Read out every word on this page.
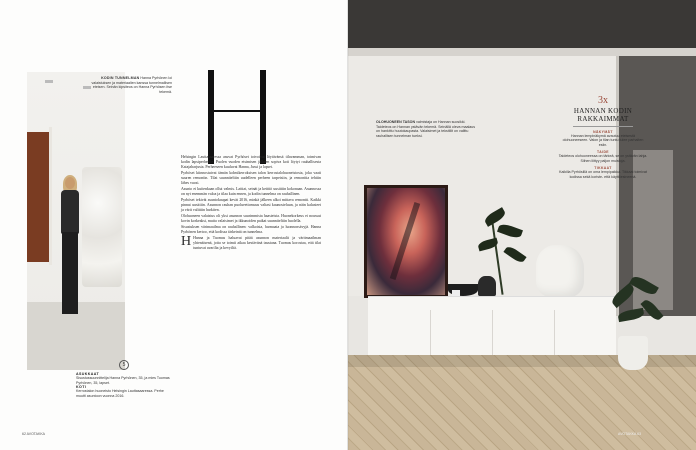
KODIN TUNNELMAN Hanna Pyrhönen loi valaistuksen ja materiaalien kanssa tunnelmallisen eteisen. Seinän kipsiteos on Hanna Pyrhösen itse tekemä.

Helsingin Lauttasaaressa asuvat Pyrhöset toivoivat löytävänsä tilavamman, toimivan kodin lapsiperheelle. Puolen vuoden etsimisen jälkeen sopiva koti löytyi rauhallisesta Katajaharjusta. Perheeseen kuuluvat Hanna, Jussi ja lapset.

Pyrhöset kiinnostuivat tämän kolmikerroksisen talon kerrostalohuoneistosta, joka vaati suuren remontin. Tilat suunniteltiin uudelleen perheen tarpeisiin, ja remonttia tehtiin lähes vuosi.

Asunto ei kuitenkaan ollut valmis. Lattiat, seinät ja keittiö uusittiin kokonaan. Asunnossa on nyt enemmän valoa ja tilaa kuin ennen, ja kodin tunnelma on rauhallinen.

Pyrhöset tekivät asuntokaupat kevät 2016, minkä jälkeen alkoi mittava remontti. Kaikki pinnat uusittiin. Asunnon rauhan puolueettomuus valtasi kaunosieluun, ja näin kalusteet ja värit valittiin harkiten.

Olohuoneen valaistus oli yksi asunnon suurimmista haasteista. Huonekorkeus ei noussut kovin korkeaksi, mutta valaisimet ja ikkunoiden paikat suunniteltiin huolella.

Sisustuksen värimaailma on rauhallinen: valkoista, harmaata ja luonnonsävyjä. Hanna Pyrhönen kertoo, että kodissa tärkeintä on tunnelma.

H Hanna ja Tuomas haluavat pitää asunnon materiaalit ja väritmaailman yhtenäisenä, jotta se toimii aikaa kestävänä taustana. Tuomas korostaa, että tilat tuntuvat avarilta ja kevyiltä.

5
ASUKKAAT
Sisustussuunnittelija Hanna Pyrhönen, 35, ja mies Tuomas Pyrhönen, 35, lapset.
KOTI
Kerrostalon huoneisto Helsingin Lauttasaaressa. Perhe muutti asuntoon vuonna 2016.
62 AVOTAKKA
OLOHUONEEN TASON valmistaja on Hannan suosikki. Taideteos on Hannan ystävän tekemä. Seinällä oleva maalaus on hankittu huutokaupasta. Valaisimet ja tekstiilit on valittu rauhallisen tunnelman tueksi.
3x
HANNAN KODIN RAKKAIMMAT
NÄKYMÄT
Hannan lempinäkymä avautuu eteisestä olohuoneeseen. Valon ja tilan tuntu tulee parhaiten esiin.
TAIDE
Taideteos olohuoneessa on tärkeä, se on ystävän lahja. Siihen liittyy paljon muistoja.
TIKKAAT
Kaikilla Pyrhösillä on oma lempipaikka. Tikkaat toimivat kodissa sekä koriste- että käyttöesineenä.
AVOTAKKA 63
